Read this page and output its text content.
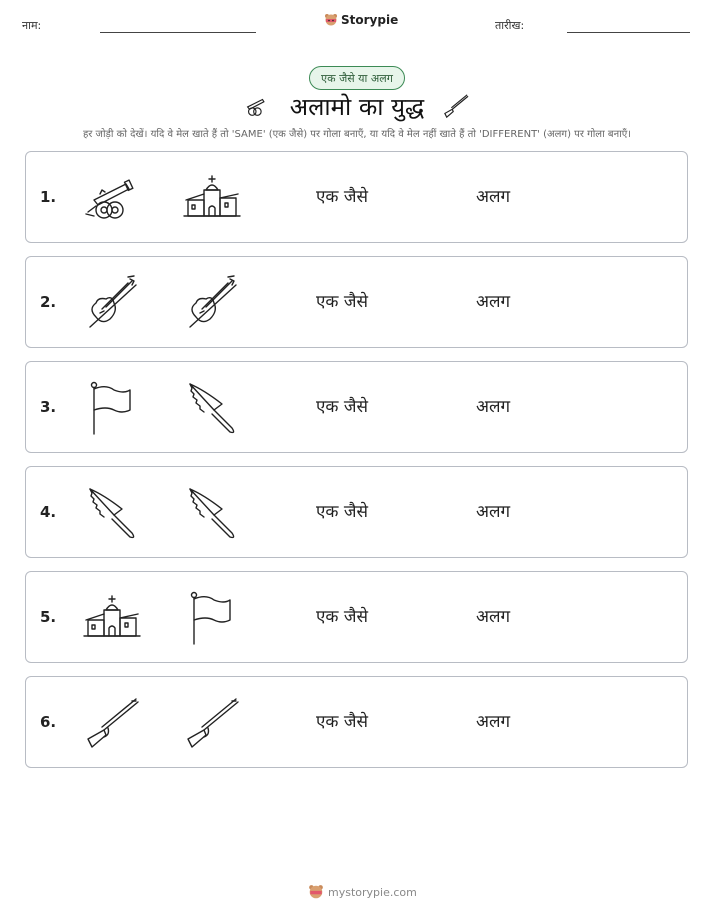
नाम:	Storypie	तारीख:
एक जैसे या अलग
अलामो का युद्ध
हर जोड़ी को देखें। यदि वे मेल खाते हैं तो 'SAME' (एक जैसे) पर गोला बनाएँ, या यदि वे मेल नहीं खाते हैं तो 'DIFFERENT' (अलग) पर गोला बनाएँ।
1.	एक जैसे	अलग
2.	एक जैसे	अलग
3.	एक जैसे	अलग
4.	एक जैसे	अलग
5.	एक जैसे	अलग
6.	एक जैसे	अलग
mystorypie.com
